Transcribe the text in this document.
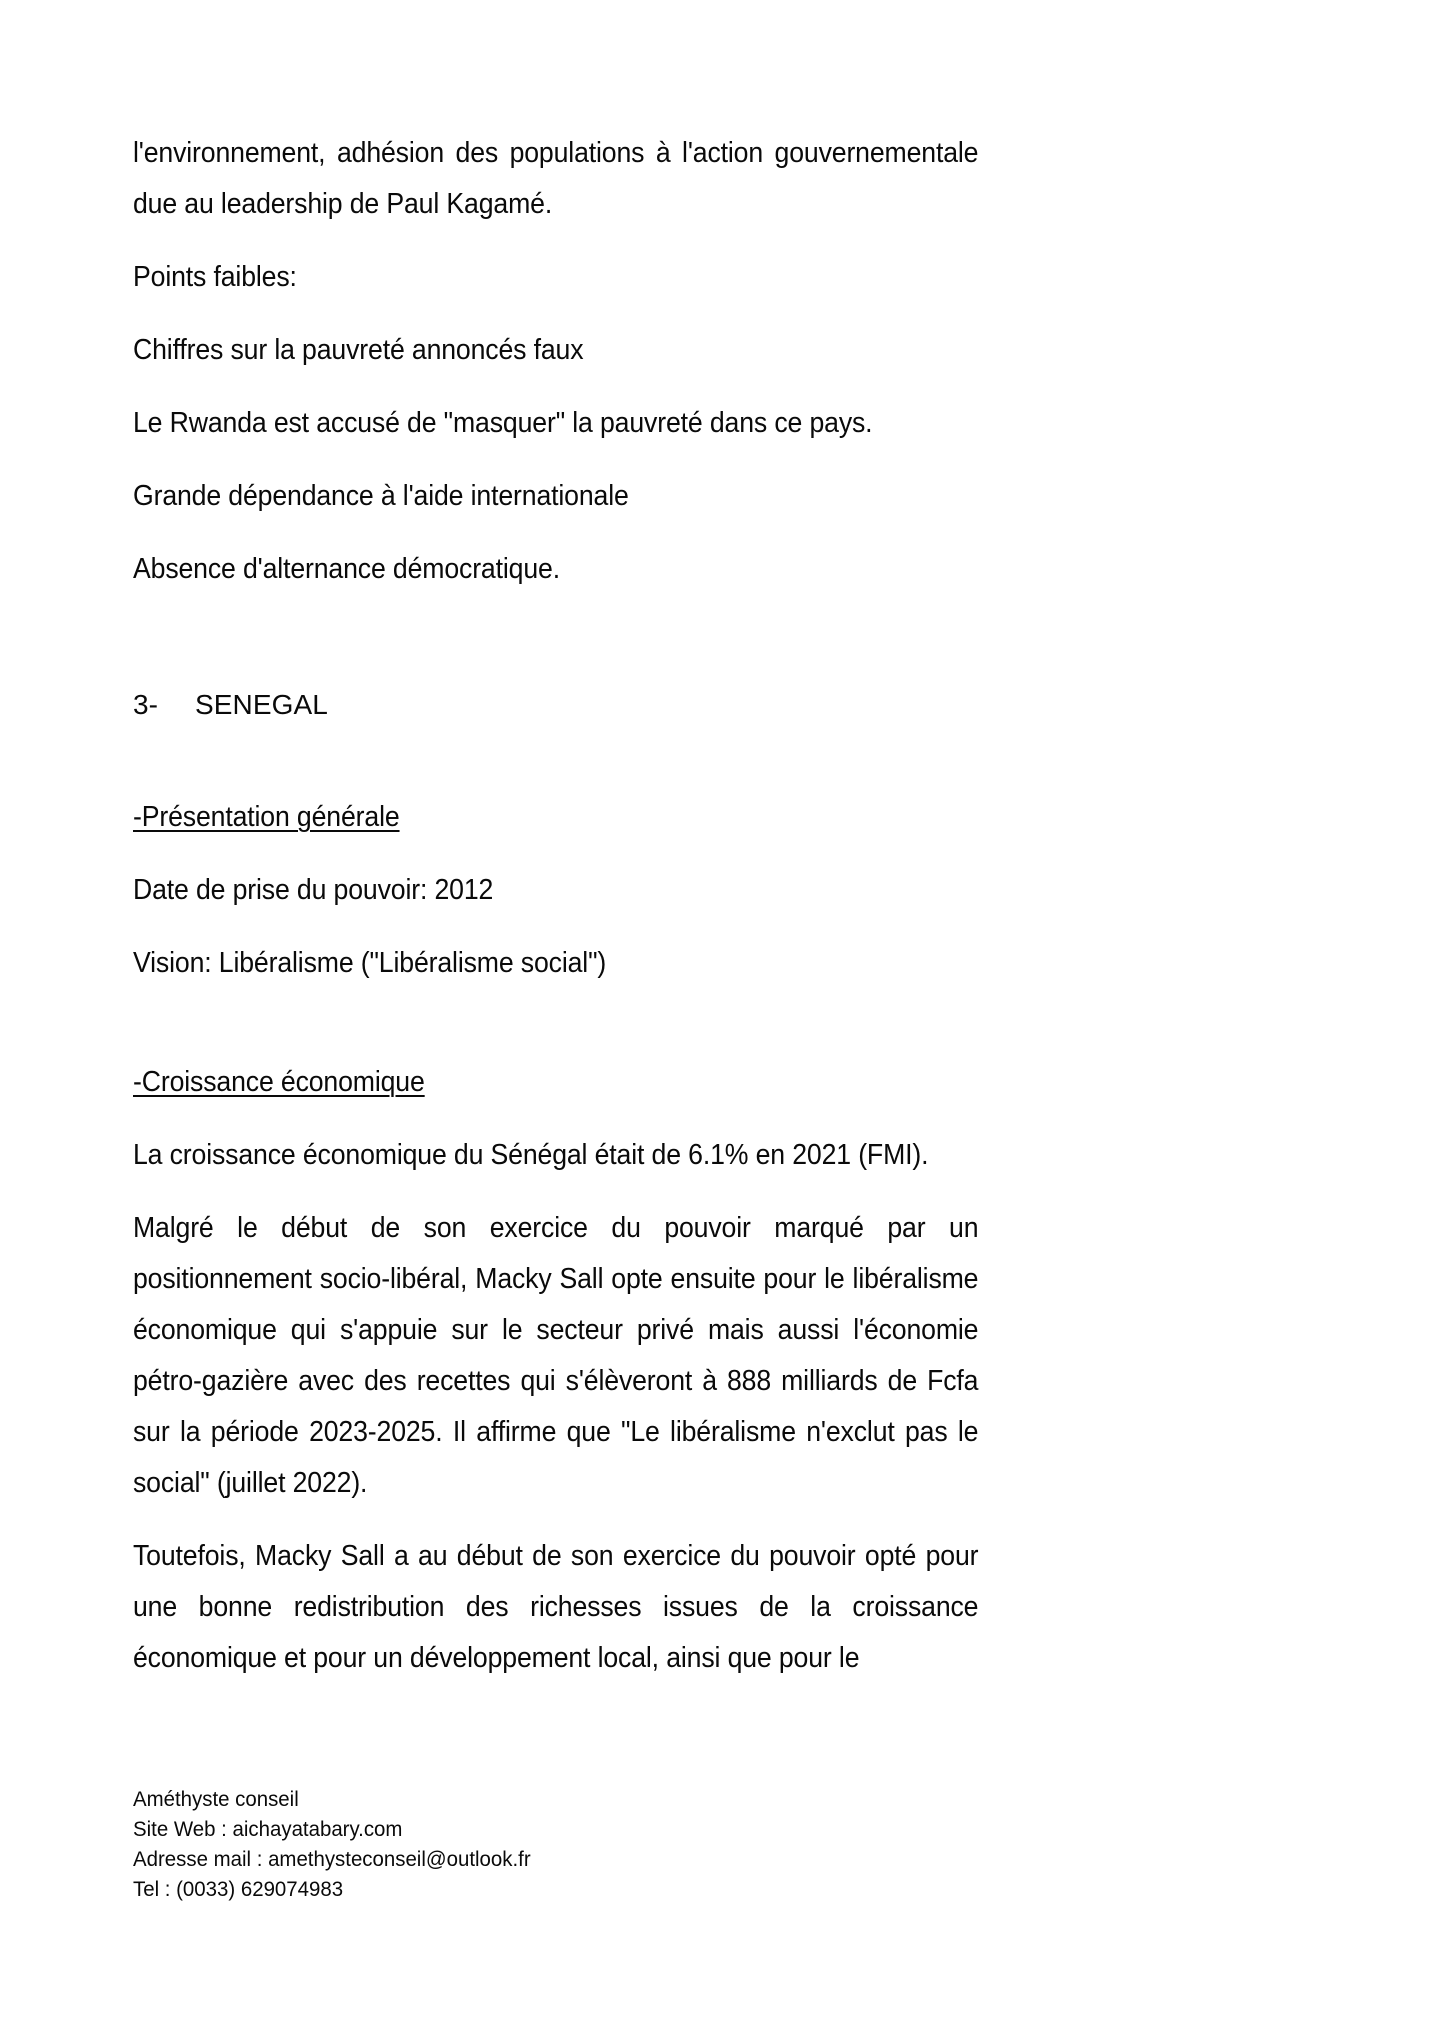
l'environnement, adhésion des populations à l'action gouvernementale due au leadership de Paul Kagamé.

Points faibles:

Chiffres sur la pauvreté annoncés faux

Le Rwanda est accusé de "masquer" la pauvreté dans ce pays.

Grande dépendance à l'aide internationale

Absence d'alternance démocratique.

3- SENEGAL

-Présentation générale

Date de prise du pouvoir: 2012

Vision: Libéralisme ("Libéralisme social")

-Croissance économique

La croissance économique du Sénégal était de 6.1% en 2021 (FMI).

Malgré le début de son exercice du pouvoir marqué par un positionnement socio-libéral, Macky Sall opte ensuite pour le libéralisme économique qui s'appuie sur le secteur privé mais aussi l'économie pétro-gazière avec des recettes qui s'élèveront à 888 milliards de Fcfa sur la période 2023-2025. Il affirme que "Le libéralisme n'exclut pas le social" (juillet 2022).

Toutefois, Macky Sall a au début de son exercice du pouvoir opté pour une bonne redistribution des richesses issues de la croissance économique et pour un développement local, ainsi que pour le

Améthyste conseil
Site Web : aichayatabary.com
Adresse mail : amethysteconseil@outlook.fr
Tel : (0033) 629074983
